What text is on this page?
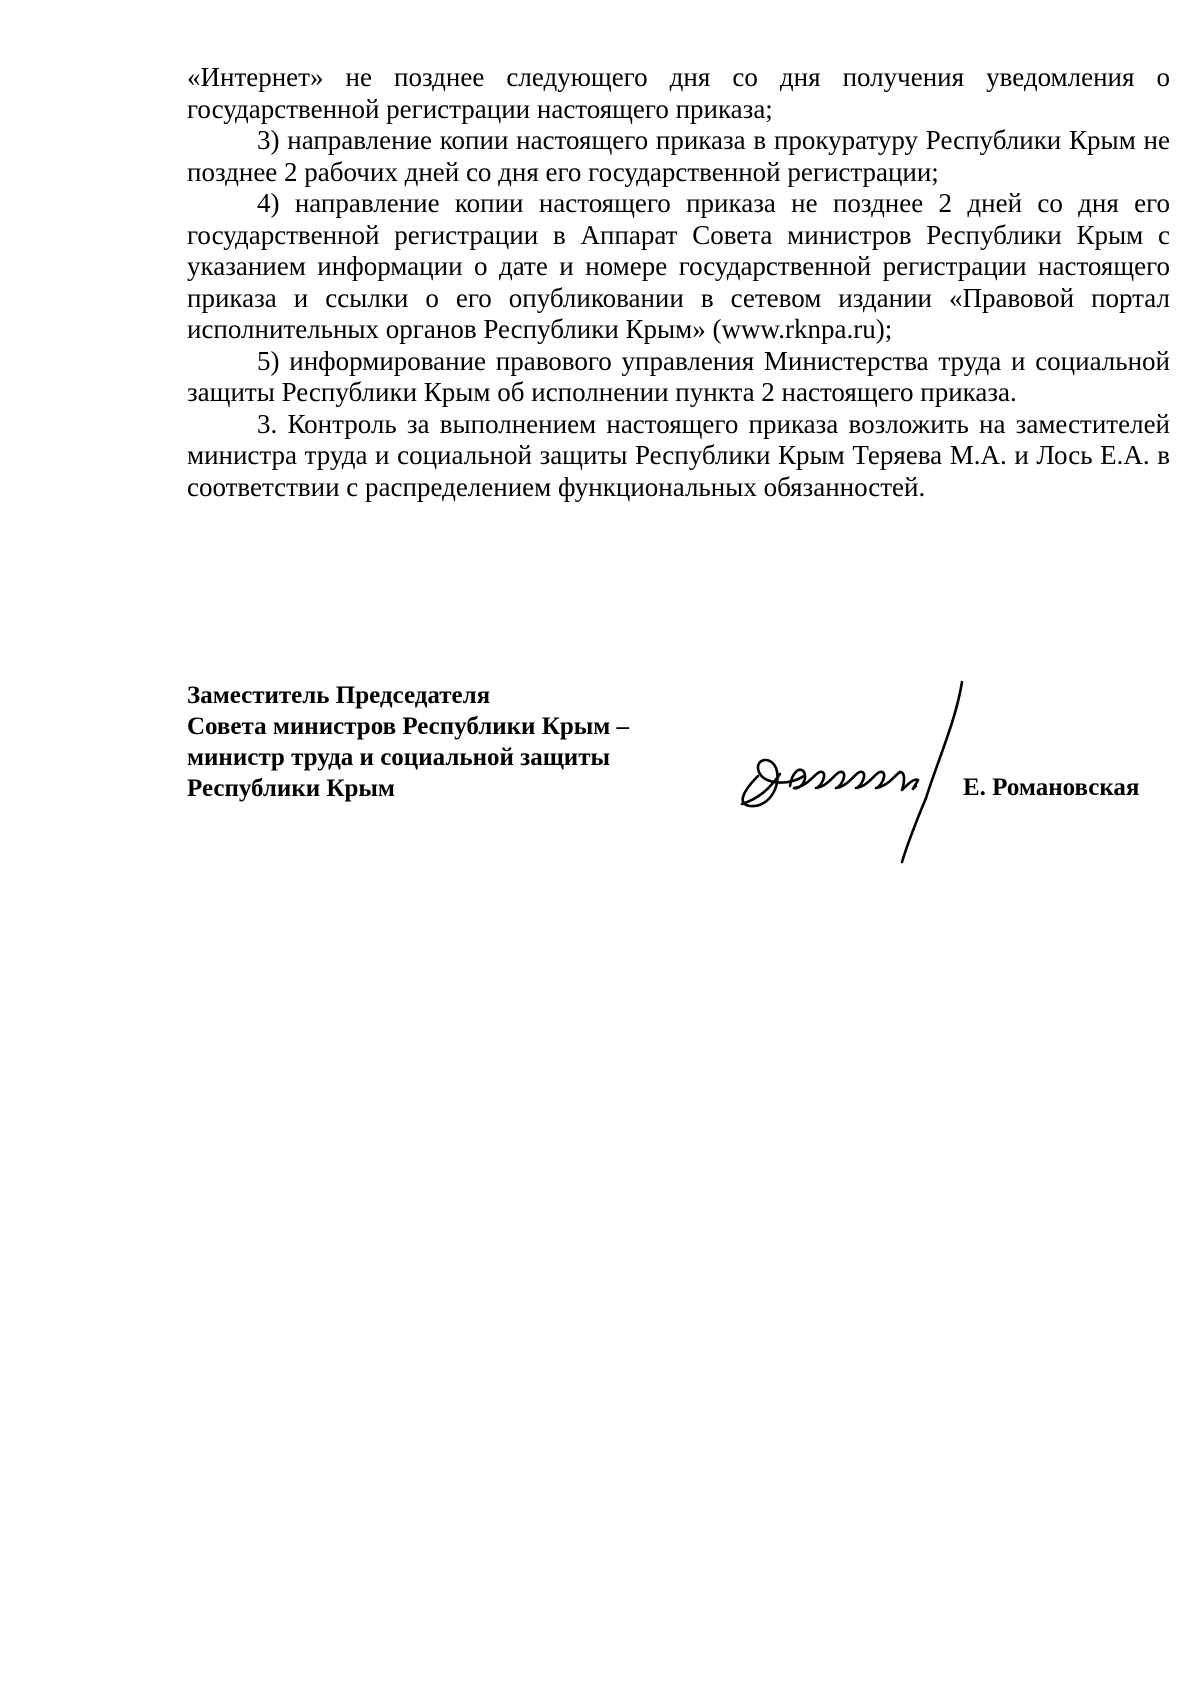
«Интернет» не позднее следующего дня со дня получения уведомления о государственной регистрации настоящего приказа;

3) направление копии настоящего приказа в прокуратуру Республики Крым не позднее 2 рабочих дней со дня его государственной регистрации;

4) направление копии настоящего приказа не позднее 2 дней со дня его государственной регистрации в Аппарат Совета министров Республики Крым с указанием информации о дате и номере государственной регистрации настоящего приказа и ссылки о его опубликовании в сетевом издании «Правовой портал исполнительных органов Республики Крым» (www.rknpa.ru);

5) информирование правового управления Министерства труда и социальной защиты Республики Крым об исполнении пункта 2 настоящего приказа.

3. Контроль за выполнением настоящего приказа возложить на заместителей министра труда и социальной защиты Республики Крым Теряева М.А. и Лось Е.А. в соответствии с распределением функциональных обязанностей.

Заместитель Председателя
Совета министров Республики Крым –
министр труда и социальной защиты
Республики Крым	Е. Романовская
